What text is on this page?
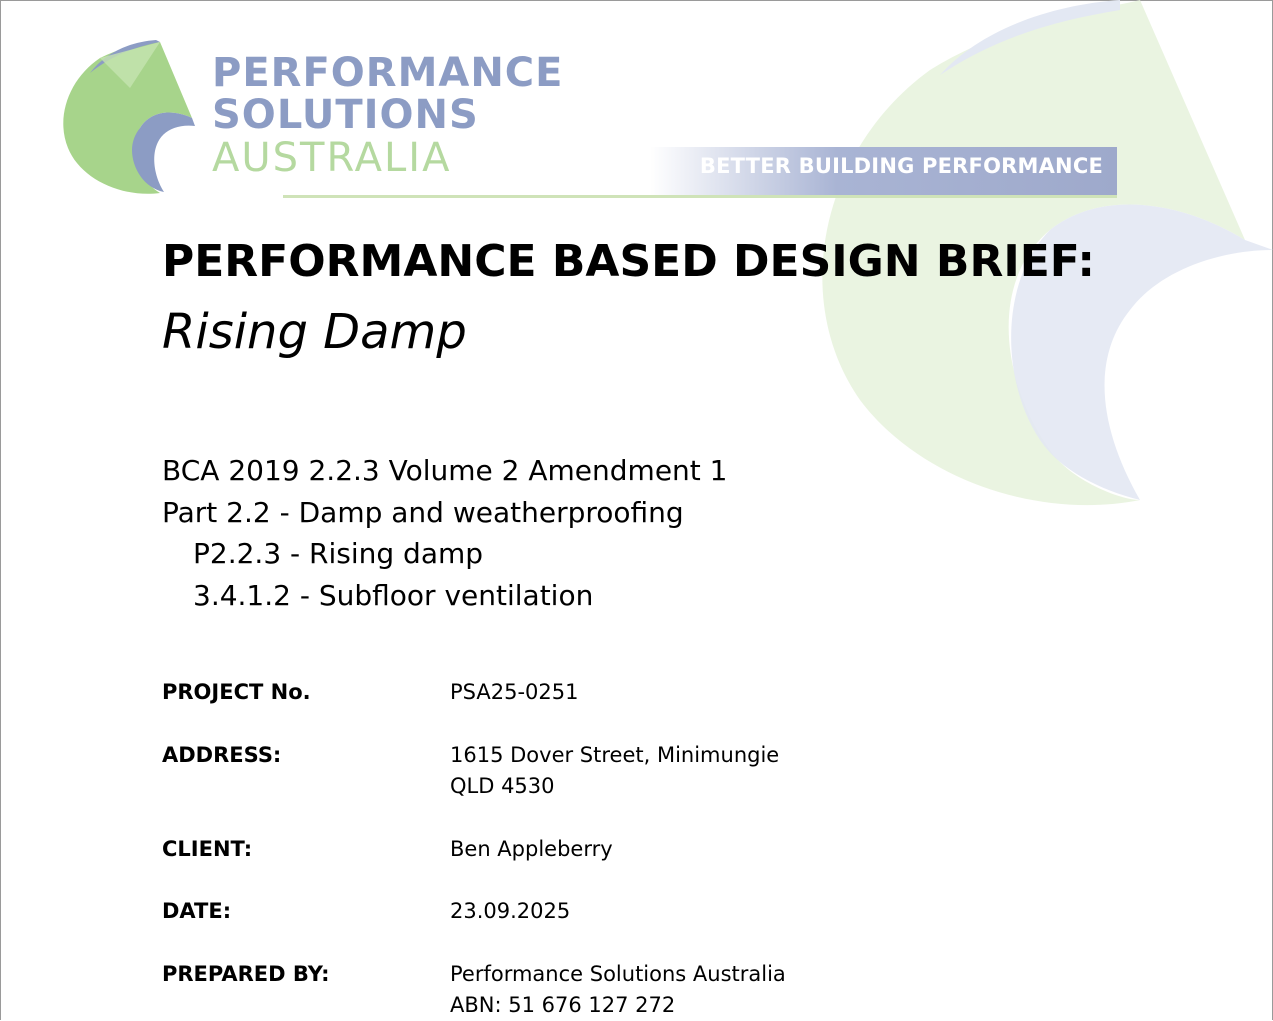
PERFORMANCE
SOLUTIONS
AUSTRALIA	BETTER BUILDING PERFORMANCE
PERFORMANCE BASED DESIGN BRIEF:
Rising Damp
BCA 2019 2.2.3 Volume 2 Amendment 1
Part 2.2 - Damp and weatherproofing
P2.2.3 - Rising damp
3.4.1.2 - Subfloor ventilation
PROJECT No.	PSA25-0251
ADDRESS:	1615 Dover Street, Minimungie
QLD 4530
CLIENT:	Ben Appleberry
DATE:	23.09.2025
PREPARED BY:	Performance Solutions Australia
ABN: 51 676 127 272
